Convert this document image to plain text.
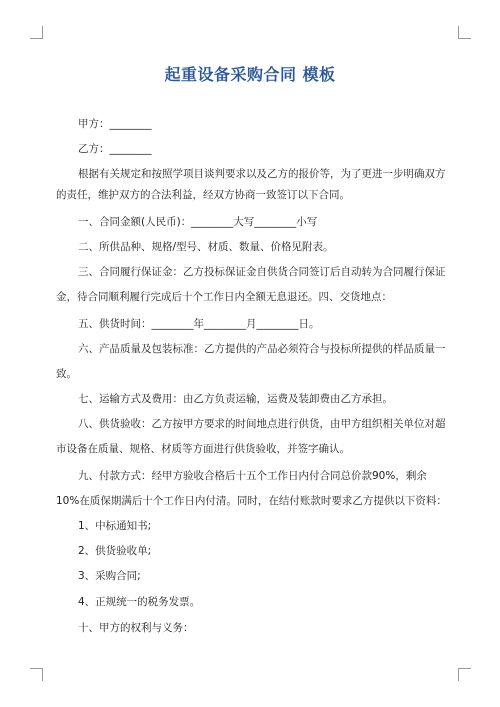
起重设备采购合同 模板

甲方：________

乙方：________

根据有关规定和按照学项目谈判要求以及乙方的报价等，为了更进一步明确双方

的责任，维护双方的合法利益，经双方协商一致签订以下合同。

一、合同金额(人民币)：________大写________小写

二、所供品种、规格/型号、材质、数量、价格见附表。

三、合同履行保证金：乙方投标保证金自供货合同签订后自动转为合同履行保证

金，待合同顺利履行完成后十个工作日内全额无息退还。四、交货地点：

五、供货时间：________年________月________日。

六、产品质量及包装标准：乙方提供的产品必须符合与投标所提供的样品质量一

致。

七、运输方式及费用：由乙方负责运输，运费及装卸费由乙方承担。

八、供货验收：乙方按甲方要求的时间地点进行供货，由甲方组织相关单位对超

市设备在质量、规格、材质等方面进行供货验收，并签字确认。

九、付款方式：经甲方验收合格后十五个工作日内付合同总价款90%，剩余

10%在质保期满后十个工作日内付清。同时，在结付账款时要求乙方提供以下资料：

1、中标通知书;

2、供货验收单;

3、采购合同;

4、正规统一的税务发票。

十、甲方的权利与义务：
